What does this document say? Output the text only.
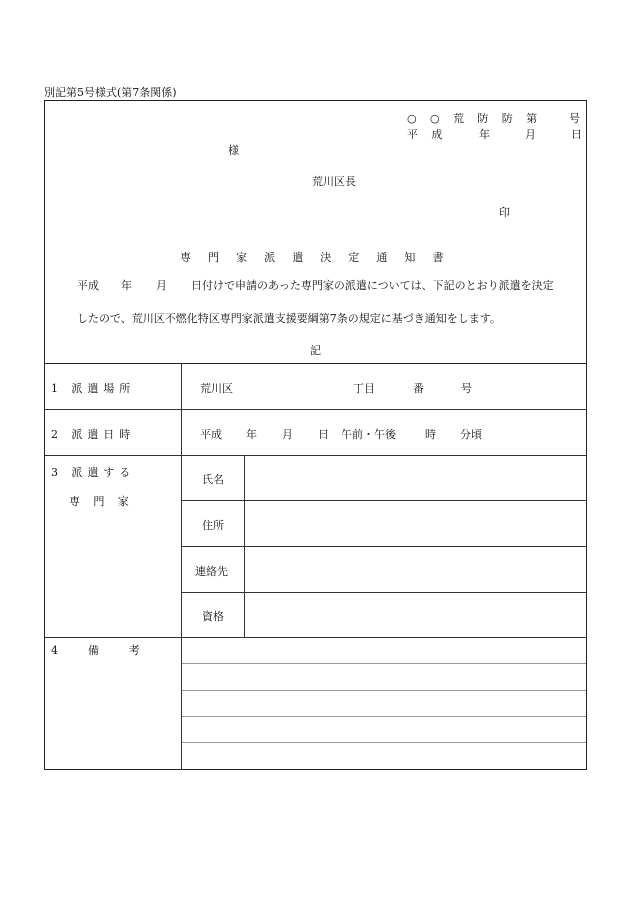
別記第5号様式(第7条関係)
○ ○ 荒 防 防 第 号
平 成	年	月	日
様
荒川区長
印
専門家派遣決定通知書
平成 年 月 日付けで申請のあった専門家の派遣については、下記のとおり派遣を決定
したので、荒川区不燃化特区専門家派遣支援要綱第7条の規定に基づき通知をします。
記
1 派遣場所	荒川区	丁目	番	号
2 派遣日時	平成 年 月 日 午前・午後	時 分頃
3 派遣する
専 門 家
氏名
住所
連絡先
資格
4 備 考
